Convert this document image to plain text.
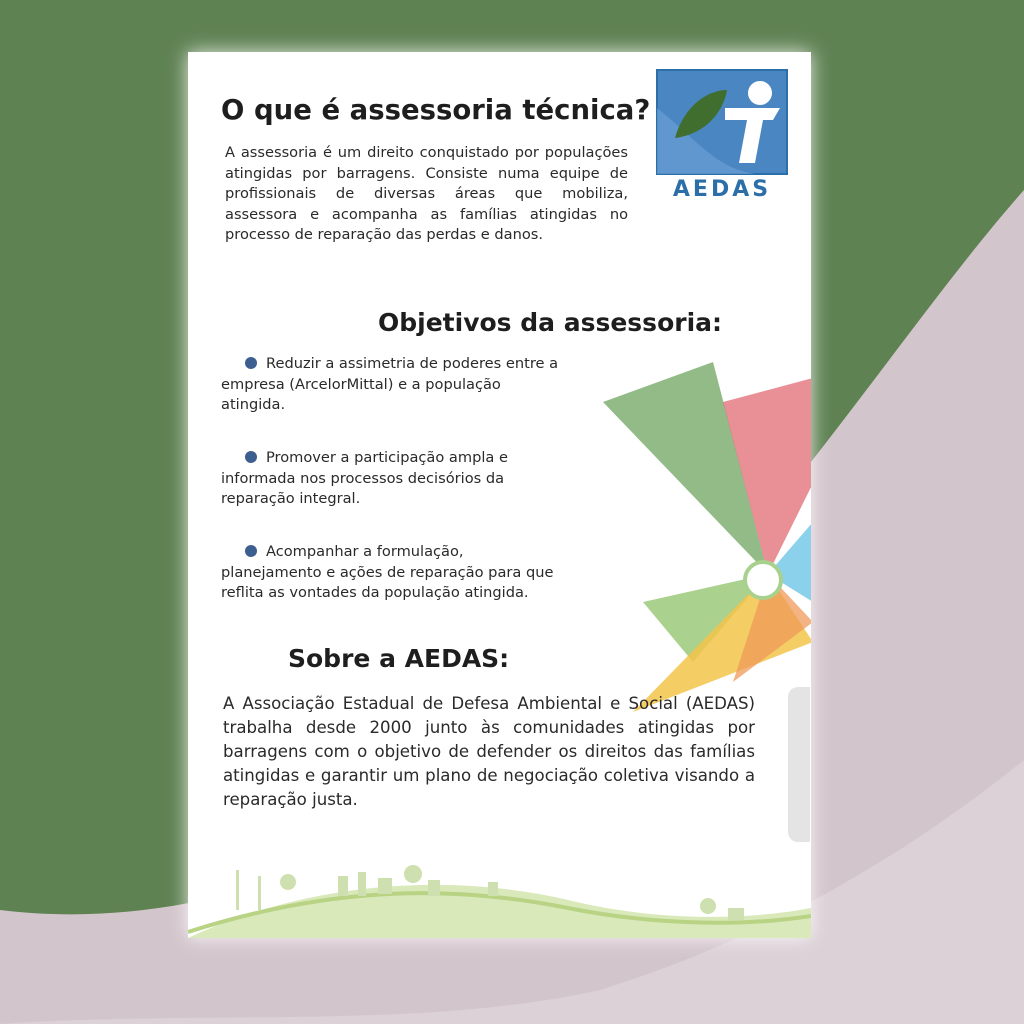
AEDAS
O que é assessoria técnica?

A assessoria é um direito conquistado por populações atingidas por barragens. Consiste numa equipe de profissionais de diversas áreas que mobiliza, assessora e acompanha as famílias atingidas no processo de reparação das perdas e danos.

Objetivos da assessoria:

Reduzir a assimetria de poderes entre a empresa (ArcelorMittal) e a população atingida.

Promover a participação ampla e informada nos processos decisórios da reparação integral.

Acompanhar a formulação, planejamento e ações de reparação para que reflita as vontades da população atingida.

Sobre a AEDAS:

A Associação Estadual de Defesa Ambiental e Social (AEDAS) trabalha desde 2000 junto às comunidades atingidas por barragens com o objetivo de defender os direitos das famílias atingidas e garantir um plano de negociação coletiva visando a reparação justa.
